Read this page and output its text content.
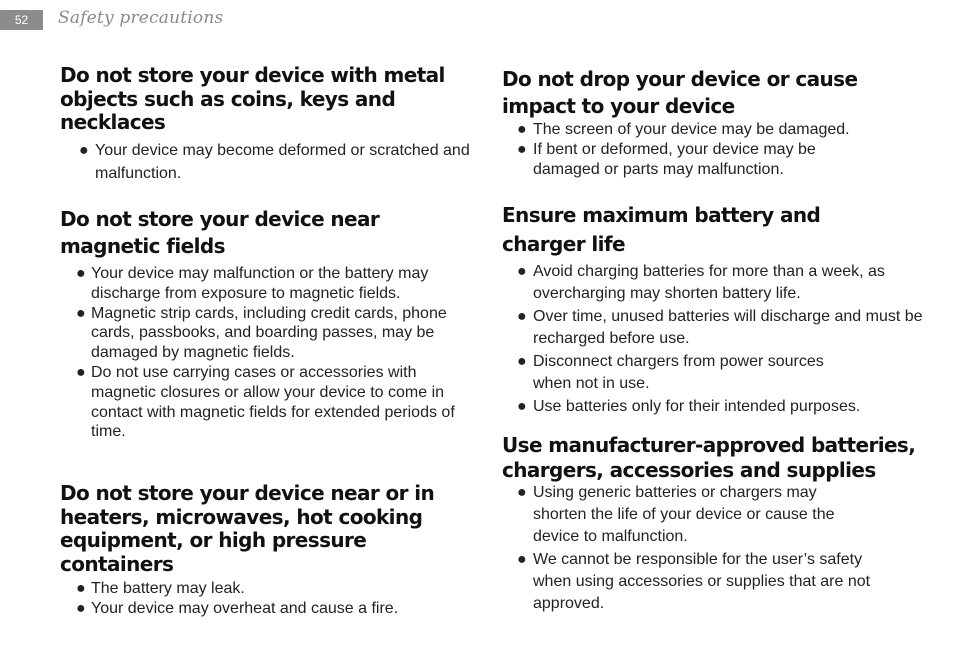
52	Safety precautions
Do not store your device with metal objects such as coins, keys and necklaces
● Your device may become deformed or scratched and malfunction.
Do not store your device near magnetic fields
● Your device may malfunction or the battery may discharge from exposure to magnetic fields.
● Magnetic strip cards, including credit cards, phone cards, passbooks, and boarding passes, may be damaged by magnetic fields.
● Do not use carrying cases or accessories with magnetic closures or allow your device to come in contact with magnetic fields for extended periods of time.
Do not store your device near or in heaters, microwaves, hot cooking equipment, or high pressure containers
● The battery may leak.
● Your device may overheat and cause a fire.
Do not drop your device or cause impact to your device
● The screen of your device may be damaged.
● If bent or deformed, your device may be damaged or parts may malfunction.
Ensure maximum battery and charger life
● Avoid charging batteries for more than a week, as overcharging may shorten battery life.
● Over time, unused batteries will discharge and must be recharged before use.
● Disconnect chargers from power sources when not in use.
● Use batteries only for their intended purposes.
Use manufacturer-approved batteries, chargers, accessories and supplies
● Using generic batteries or chargers may shorten the life of your device or cause the device to malfunction.
● We cannot be responsible for the user’s safety when using accessories or supplies that are not approved.
